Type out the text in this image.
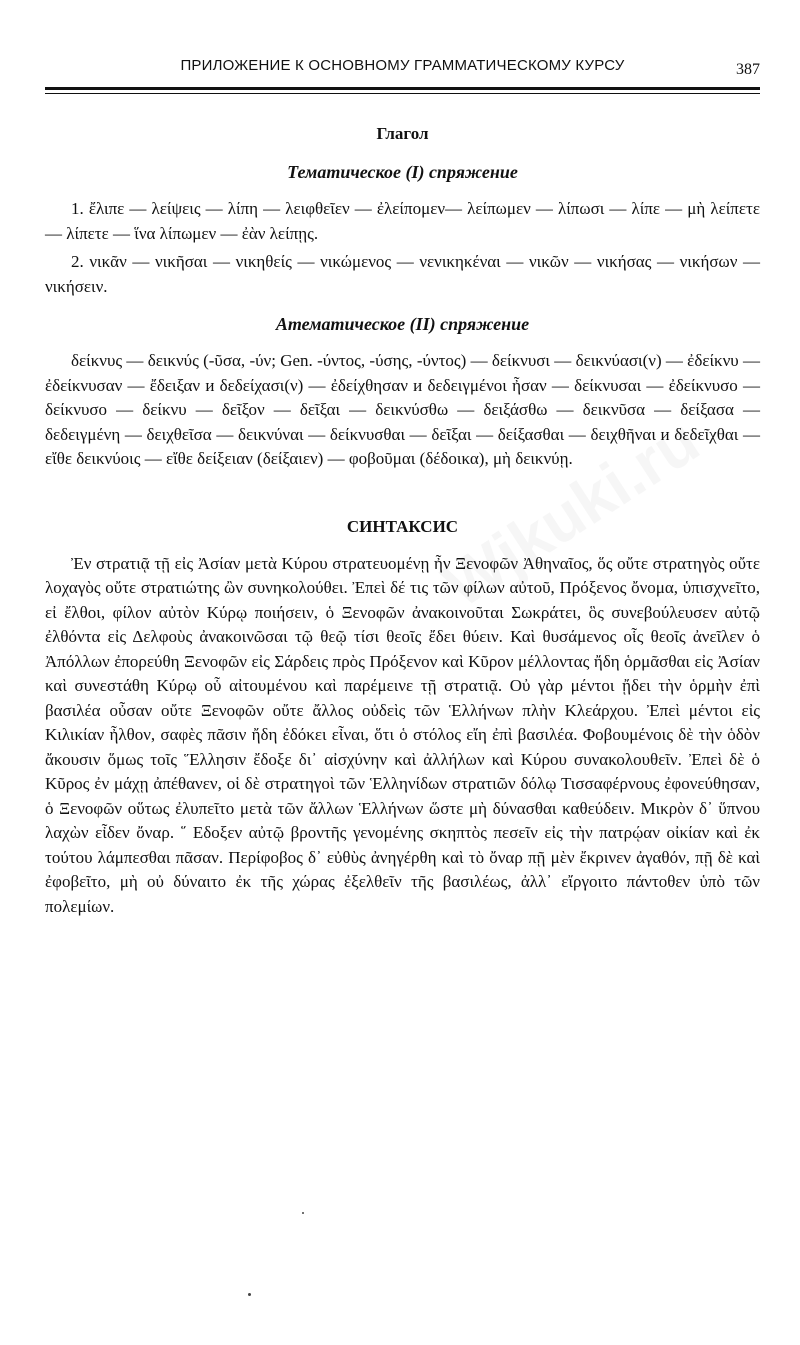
ПРИЛОЖЕНИЕ К ОСНОВНОМУ ГРАММАТИЧЕСКОМУ КУРСУ	387
Глагол
Тематическое (I) спряжение

1. ἔλιπε — λείψεις — λίπη — λειφθεῖεν — ἐλείπομεν— λείπωμεν — λίπωσι — λίπε — μὴ λείπετε — λίπετε — ἵνα λίπωμεν — ἐὰν λείπῃς.

2. νικᾶν — νικῆσαι — νικηθείς — νικώμενος — νενικηκέναι — νικῶν — νικήσας — νικήσων — νικήσειν.

Атематическое (II) спряжение

δείκνυς — δεικνύς (-ῦσα, -ύν; Gen. -ύντος, -ύσης, -ύντος) — δείκνυσι — δεικνύασι(ν) — ἐδείκνυ — ἐδείκνυσαν — ἔδειξαν и δεδείχασι(ν) — ἐδείχθησαν и δεδειγμένοι ἦσαν — δείκνυσαι — ἐδείκνυσο — δείκνυσο — δείκνυ — δεῖξον — δεῖξαι — δεικνύσθω — δειξάσθω — δεικνῦσα — δείξασα — δεδειγμένη — δειχθεῖσα — δεικνύναι — δείκνυσθαι — δεῖξαι — δείξασθαι — δειχθῆναι и δεδεῖχθαι — εἴθε δεικνύοις — εἴθε δείξειαν (δείξαιεν) — φοβοῦμαι (δέδοικα), μὴ δεικνύῃ.

СИНТАКСИС

Ἐν στρατιᾷ τῇ εἰς Ἀσίαν μετὰ Κύρου στρατευομένῃ ἦν Ξενοφῶν Ἀθηναῖος, ὅς οὔτε στρατηγὸς οὔτε λοχαγὸς οὔτε στρατιώτης ὢν συνηκολούθει. Ἐπεὶ δέ τις τῶν φίλων αὐτοῦ, Πρόξενος ὄνομα, ὑπισχνεῖτο, εἰ ἔλθοι, φίλον αὐτὸν Κύρῳ ποιήσειν, ὁ Ξενοφῶν ἀνακοινοῦται Σωκράτει, ὃς συνεβούλευσεν αὐτῷ ἐλθόντα εἰς Δελφοὺς ἀνακοινῶσαι τῷ θεῷ τίσι θεοῖς ἔδει θύειν. Καὶ θυσάμενος οἷς θεοῖς ἀνεῖλεν ὁ Ἀπόλλων ἐπορεύθη Ξενοφῶν εἰς Σάρδεις πρὸς Πρόξενον καὶ Κῦρον μέλλοντας ἤδη ὁρμᾶσθαι εἰς Ἀσίαν καὶ συνεστάθη Κύρῳ οὗ αἰτουμένου καὶ παρέμεινε τῇ στρατιᾷ. Οὐ γὰρ μέντοι ᾔδει τὴν ὁρμὴν ἐπὶ βασιλέα οὖσαν οὔτε Ξενοφῶν οὔτε ἄλλος οὐδεὶς τῶν Ἑλλήνων πλὴν Κλεάρχου. Ἐπεὶ μέντοι εἰς Κιλικίαν ἦλθον, σαφὲς πᾶσιν ἤδη ἐδόκει εἶναι, ὅτι ὁ στόλος εἴη ἐπὶ βασιλέα. Φοβουμένοις δὲ τὴν ὁδὸν ἄκουσιν ὅμως τοῖς Ἕλλησιν ἔδοξε δι᾽ αἰσχύνην καὶ ἀλλήλων καὶ Κύρου συνακολουθεῖν. Ἐπεὶ δὲ ὁ Κῦρος ἐν μάχῃ ἀπέθανεν, οἱ δὲ στρατηγοὶ τῶν Ἑλληνίδων στρατιῶν δόλῳ Τισσαφέρνους ἐφονεύθησαν, ὁ Ξενοφῶν οὕτως ἐλυπεῖτο μετὰ τῶν ἄλλων Ἑλλήνων ὥστε μὴ δύνασθαι καθεύδειν. Μικρὸν δ᾽ ὕπνου λαχὼν εἶδεν ὄναρ. ῞ Εδοξεν αὐτῷ βροντῆς γενομένης σκηπτὸς πεσεῖν εἰς τὴν πατρῴαν οἰκίαν καὶ ἐκ τούτου λάμπεσθαι πᾶσαν. Περίφοβος δ᾽ εὐθὺς ἀνηγέρθη καὶ τὸ ὄναρ πῇ μὲν ἔκρινεν ἀγαθόν, πῇ δὲ καὶ ἐφοβεῖτο, μὴ οὐ δύναιτο ἐκ τῆς χώρας ἐξελθεῖν τῆς βασιλέως, ἀλλ᾽ εἴργοιτο πάντοθεν ὑπὸ τῶν πολεμίων.
